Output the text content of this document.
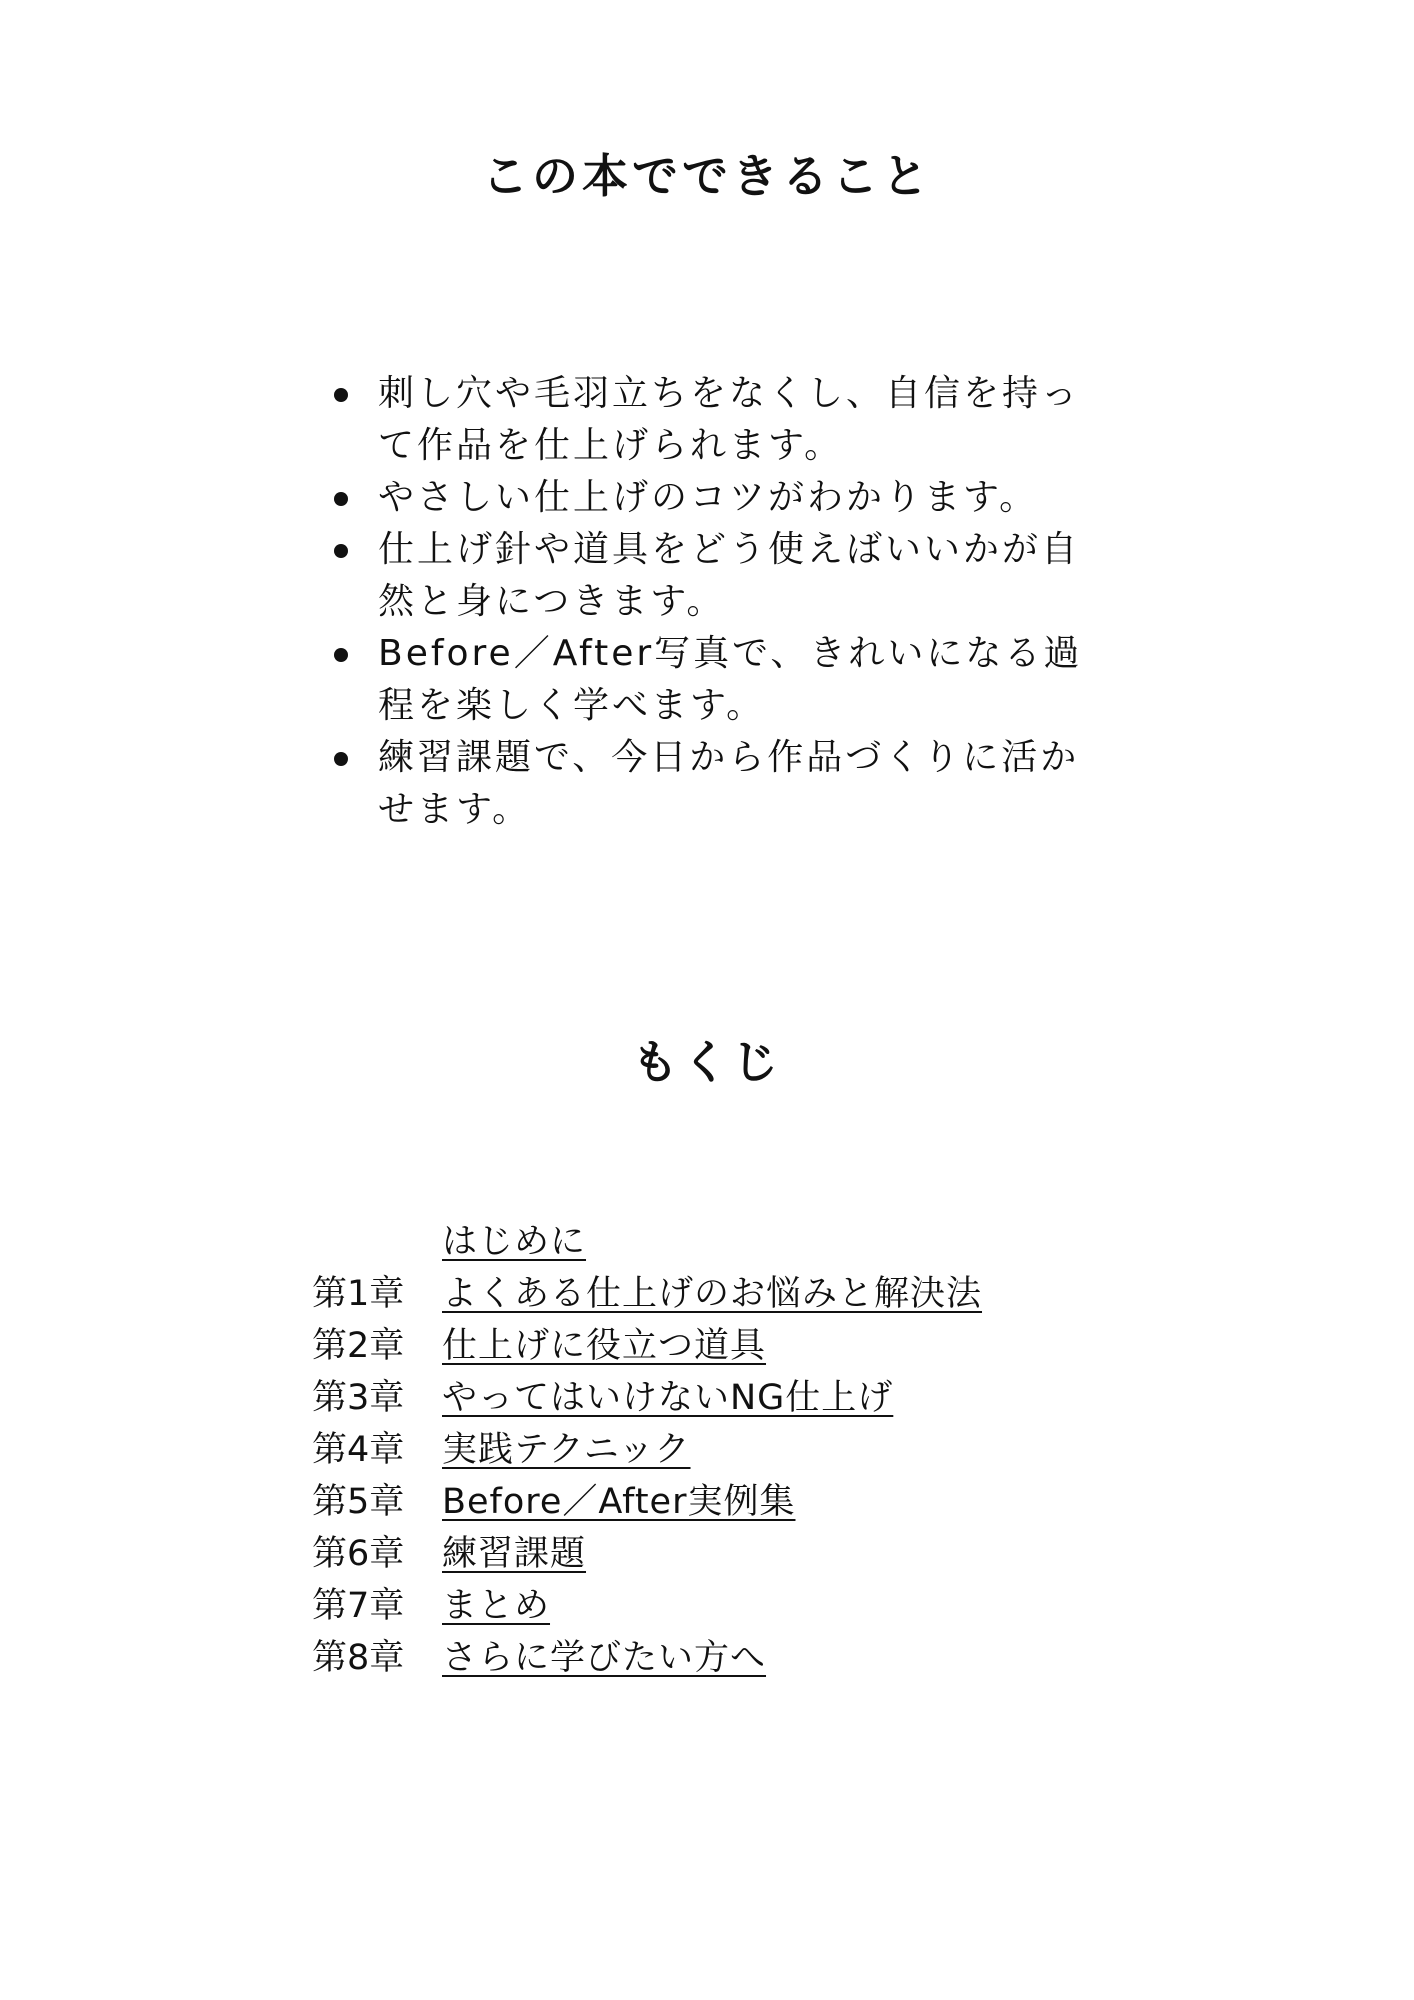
この本でできること
刺し穴や毛羽立ちをなくし、自信を持って作品を仕上げられます。
やさしい仕上げのコツがわかります。
仕上げ針や道具をどう使えばいいかが自然と身につきます。
Before／After写真で、きれいになる過程を楽しく学べます。
練習課題で、今日から作品づくりに活かせます。
もくじ
はじめに
第1章	よくある仕上げのお悩みと解決法
第2章	仕上げに役立つ道具
第3章	やってはいけないNG仕上げ
第4章	実践テクニック
第5章	Before／After実例集
第6章	練習課題
第7章	まとめ
第8章	さらに学びたい方へ
